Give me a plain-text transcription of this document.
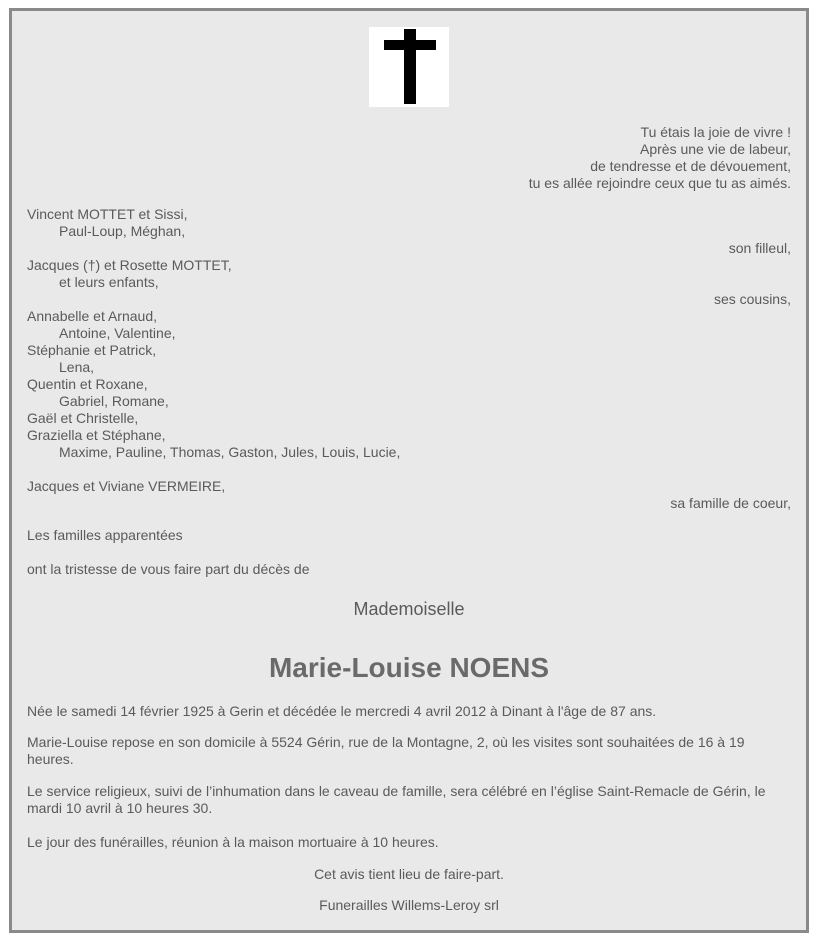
Tu étais la joie de vivre !
Après une vie de labeur,
de tendresse et de dévouement,
tu es allée rejoindre ceux que tu as aimés.
Vincent MOTTET et Sissi,
Paul-Loup, Méghan,
son filleul,
Jacques (†) et Rosette MOTTET,
et leurs enfants,
ses cousins,
Annabelle et Arnaud,
Antoine, Valentine,
Stéphanie et Patrick,
Lena,
Quentin et Roxane,
Gabriel, Romane,
Gaël et Christelle,
Graziella et Stéphane,
Maxime, Pauline, Thomas, Gaston, Jules, Louis, Lucie,
Jacques et Viviane VERMEIRE,
sa famille de coeur,
Les familles apparentées
ont la tristesse de vous faire part du décès de
Mademoiselle
Marie-Louise NOENS
Née le samedi 14 février 1925 à Gerin et décédée le mercredi 4 avril 2012 à Dinant à l'âge de 87 ans.
Marie-Louise repose en son domicile à 5524 Gérin, rue de la Montagne, 2, où les visites sont souhaitées de 16 à 19 heures.
Le service religieux, suivi de l’inhumation dans le caveau de famille, sera célébré en l’église Saint-Remacle de Gérin, le mardi 10 avril à 10 heures 30.
Le jour des funérailles, réunion à la maison mortuaire à 10 heures.
Cet avis tient lieu de faire-part.
Funerailles Willems-Leroy srl
